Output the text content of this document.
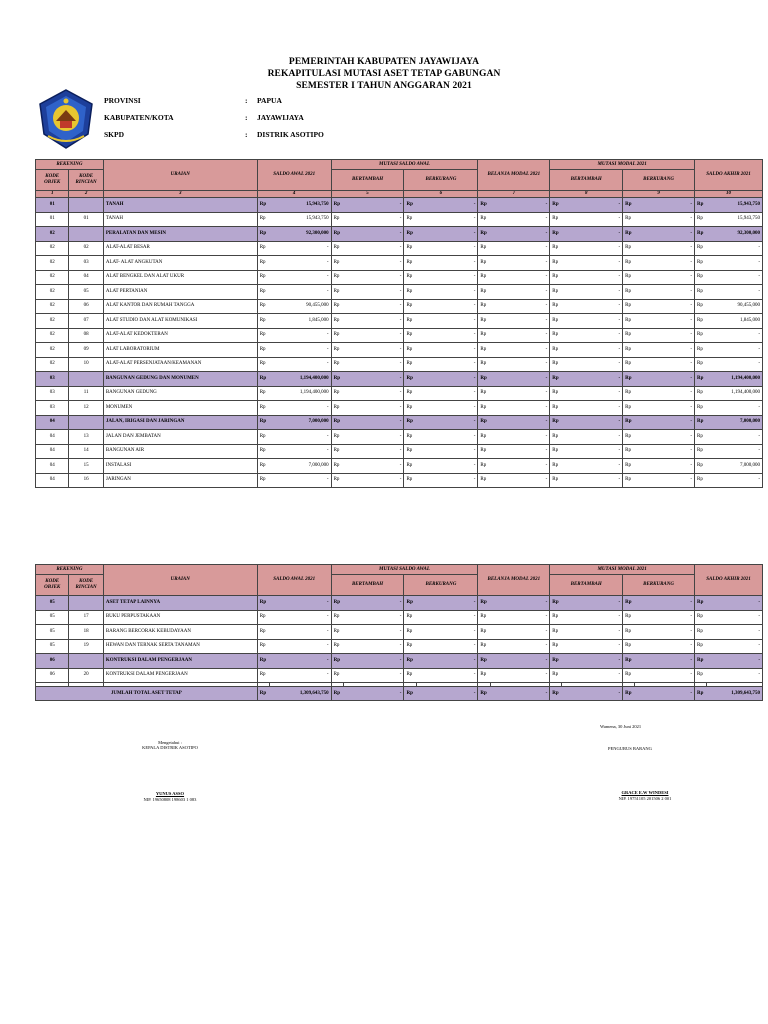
PEMERINTAH KABUPATEN JAYAWIJAYA
REKAPITULASI MUTASI ASET TETAP GABUNGAN
SEMESTER I TAHUN ANGGARAN 2021
PROVINSI	: PAPUA
KABUPATEN/KOTA	: JAYAWIJAYA
SKPD	: DISTRIK ASOTIPO
REKENING		URAIAN	SALDO AWAL 2021		MUTASI SALDO AWAL				BELANJA MODAL 2021		MUTASI MODAL 2021				SALDO AKHIR 2021	
KODE OBJEK	KODE RINCIAN				BERTAMBAH		BERKURANG				BERTAMBAH		BERKURANG			
1	2	3	4		5		6		7		8		9		10	
01		TANAH	Rp	15,943,750	Rp	-	Rp	-	Rp	-	Rp	-	Rp	-	Rp	15,943,750
01	01	TANAH	Rp	15,943,750	Rp	-	Rp	-	Rp	-	Rp	-	Rp	-	Rp	15,943,750
02		PERALATAN DAN MESIN	Rp	92,300,000	Rp	-	Rp	-	Rp	-	Rp	-	Rp	-	Rp	92,300,000
02	02	ALAT-ALAT BESAR	Rp	-	Rp	-	Rp	-	Rp	-	Rp	-	Rp	-	Rp	-
02	03	ALAT- ALAT ANGKUTAN	Rp	-	Rp	-	Rp	-	Rp	-	Rp	-	Rp	-	Rp	-
02	04	ALAT BENGKEL DAN ALAT UKUR	Rp	-	Rp	-	Rp	-	Rp	-	Rp	-	Rp	-	Rp	-
02	05	ALAT PERTANIAN	Rp	-	Rp	-	Rp	-	Rp	-	Rp	-	Rp	-	Rp	-
02	06	ALAT KANTOR DAN RUMAH TANGGA	Rp	90,455,000	Rp	-	Rp	-	Rp	-	Rp	-	Rp	-	Rp	90,455,000
02	07	ALAT STUDIO DAN ALAT KOMUNIKASI	Rp	1,845,000	Rp	-	Rp	-	Rp	-	Rp	-	Rp	-	Rp	1,845,000
02	08	ALAT-ALAT KEDOKTERAN	Rp	-	Rp	-	Rp	-	Rp	-	Rp	-	Rp	-	Rp	-
02	09	ALAT LABORATORIUM	Rp	-	Rp	-	Rp	-	Rp	-	Rp	-	Rp	-	Rp	-
02	10	ALAT-ALAT PERSENJATAAN/KEAMANAN	Rp	-	Rp	-	Rp	-	Rp	-	Rp	-	Rp	-	Rp	-
03		BANGUNAN GEDUNG DAN MONUMEN	Rp	1,194,400,000	Rp	-	Rp	-	Rp	-	Rp	-	Rp	-	Rp	1,194,400,000
03	11	BANGUNAN GEDUNG	Rp	1,194,400,000	Rp	-	Rp	-	Rp	-	Rp	-	Rp	-	Rp	1,194,400,000
03	12	MONUMEN	Rp	-	Rp	-	Rp	-	Rp	-	Rp	-	Rp	-	Rp	-
04		JALAN, IRIGASI DAN JARINGAN	Rp	7,000,000	Rp	-	Rp	-	Rp	-	Rp	-	Rp	-	Rp	7,000,000
04	13	JALAN DAN JEMBATAN	Rp	-	Rp	-	Rp	-	Rp	-	Rp	-	Rp	-	Rp	-
04	14	BANGUNAN AIR	Rp	-	Rp	-	Rp	-	Rp	-	Rp	-	Rp	-	Rp	-
04	15	INSTALASI	Rp	7,000,000	Rp	-	Rp	-	Rp	-	Rp	-	Rp	-	Rp	7,000,000
04	16	JARINGAN	Rp	-	Rp	-	Rp	-	Rp	-	Rp	-	Rp	-	Rp	-
REKENING		URAIAN	SALDO AWAL 2021		MUTASI SALDO AWAL				BELANJA MODAL 2021		MUTASI MODAL 2021				SALDO AKHIR 2021	
KODE OBJEK	KODE RINCIAN				BERTAMBAH		BERKURANG				BERTAMBAH		BERKURANG			
05		ASET TETAP LAINNYA	Rp	-	Rp	-	Rp	-	Rp	-	Rp	-	Rp	-	Rp	-
05	17	BUKU PERPUSTAKAAN	Rp	-	Rp	-	Rp	-	Rp	-	Rp	-	Rp	-	Rp	-
05	18	BARANG BERCORAK KEBUDAYAAN	Rp	-	Rp	-	Rp	-	Rp	-	Rp	-	Rp	-	Rp	-
05	19	HEWAN DAN TERNAK SERTA TANAMAN	Rp	-	Rp	-	Rp	-	Rp	-	Rp	-	Rp	-	Rp	-
06		KONTRUKSI DALAM PENGERJAAN	Rp	-	Rp	-	Rp	-	Rp	-	Rp	-	Rp	-	Rp	-
06	20	KONTRUKSI DALAM PENGERJAAN	Rp	-	Rp	-	Rp	-	Rp	-	Rp	-	Rp	-	Rp	-

JUMLAH TOTAL ASET TETAP			Rp	1,309,643,750	Rp	-	Rp	-	Rp	-	Rp	-	Rp	-	Rp	1,309,643,750
Wamena, 30 Juni 2021
Mengetahui :
KEPALA DISTRIK ASOTIPO	PENGURUS BARANG
YUNUS ASSO
NIP. 19650808 198603 1 083
GRACE E.W WINDESI
NIP. 19751105 201506 2 001
